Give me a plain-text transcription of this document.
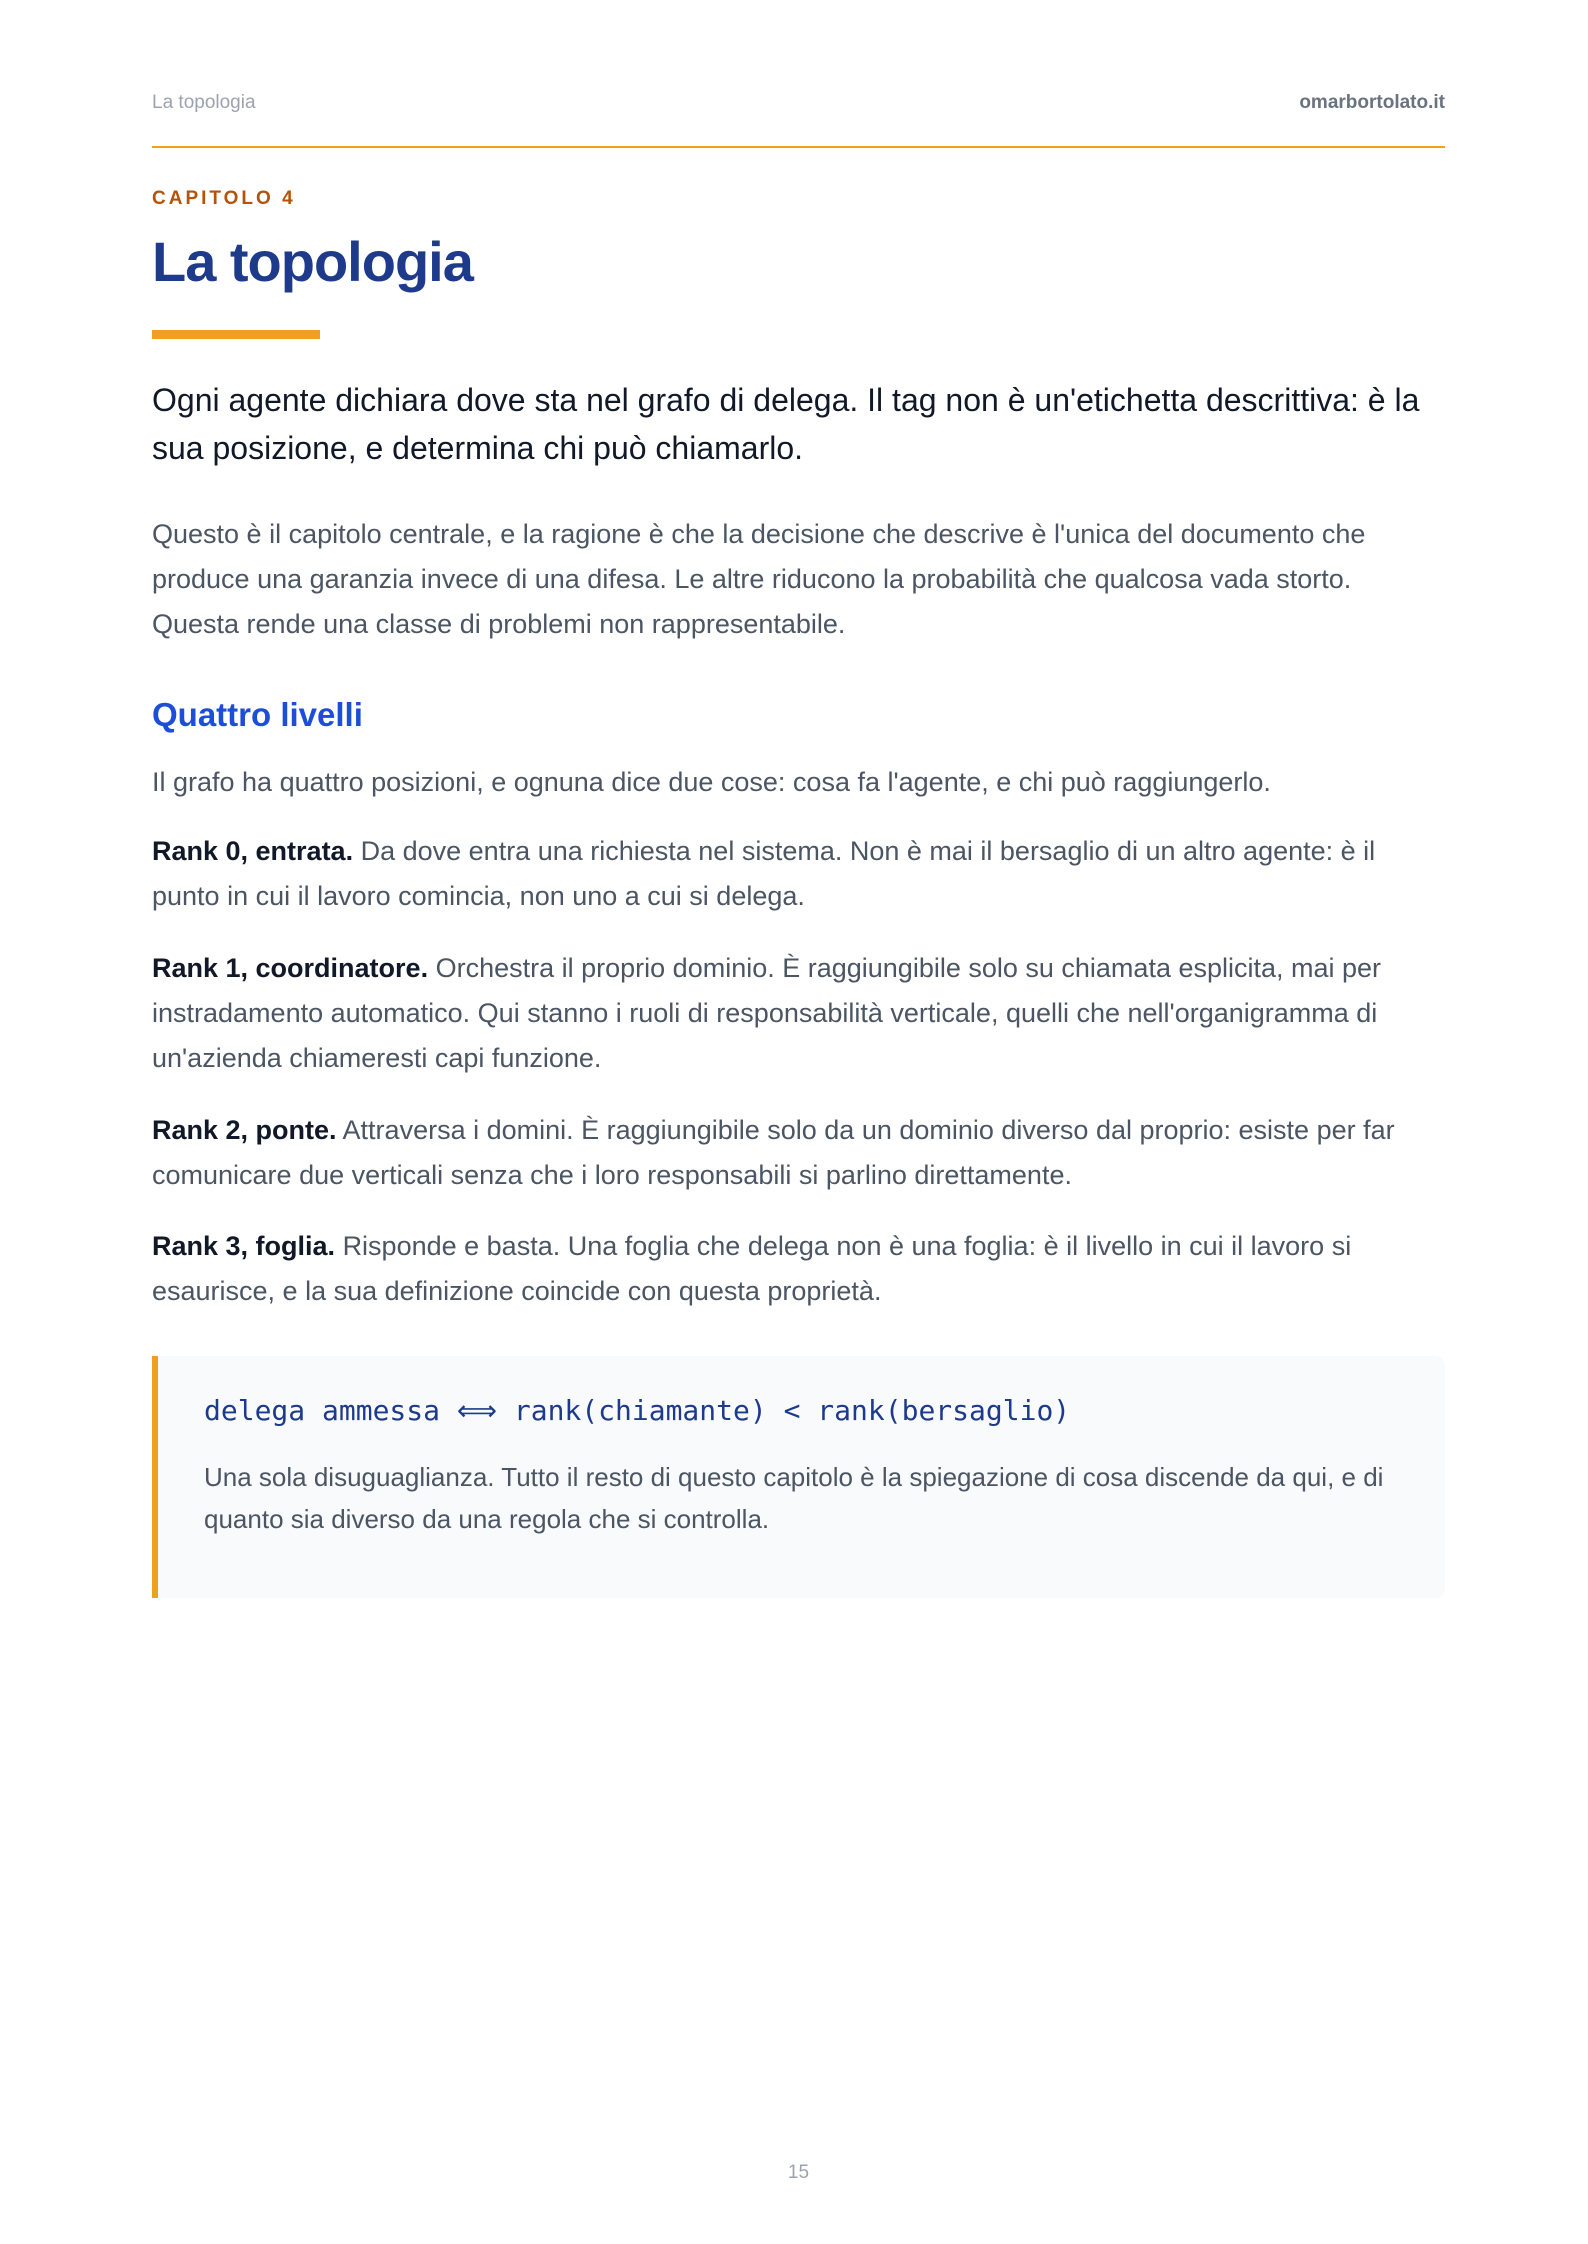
La topologia	omarbortolato.it
CAPITOLO 4
La topologia

Ogni agente dichiara dove sta nel grafo di delega. Il tag non è un'etichetta descrittiva: è la sua posizione, e determina chi può chiamarlo.

Questo è il capitolo centrale, e la ragione è che la decisione che descrive è l'unica del documento che produce una garanzia invece di una difesa. Le altre riducono la probabilità che qualcosa vada storto. Questa rende una classe di problemi non rappresentabile.

Quattro livelli

Il grafo ha quattro posizioni, e ognuna dice due cose: cosa fa l'agente, e chi può raggiungerlo.

Rank 0, entrata. Da dove entra una richiesta nel sistema. Non è mai il bersaglio di un altro agente: è il punto in cui il lavoro comincia, non uno a cui si delega.

Rank 1, coordinatore. Orchestra il proprio dominio. È raggiungibile solo su chiamata esplicita, mai per instradamento automatico. Qui stanno i ruoli di responsabilità verticale, quelli che nell'organigramma di un'azienda chiameresti capi funzione.

Rank 2, ponte. Attraversa i domini. È raggiungibile solo da un dominio diverso dal proprio: esiste per far comunicare due verticali senza che i loro responsabili si parlino direttamente.

Rank 3, foglia. Risponde e basta. Una foglia che delega non è una foglia: è il livello in cui il lavoro si esaurisce, e la sua definizione coincide con questa proprietà.

delega ammessa ⟺ rank(chiamante) < rank(bersaglio)

Una sola disuguaglianza. Tutto il resto di questo capitolo è la spiegazione di cosa discende da qui, e di quanto sia diverso da una regola che si controlla.

15
